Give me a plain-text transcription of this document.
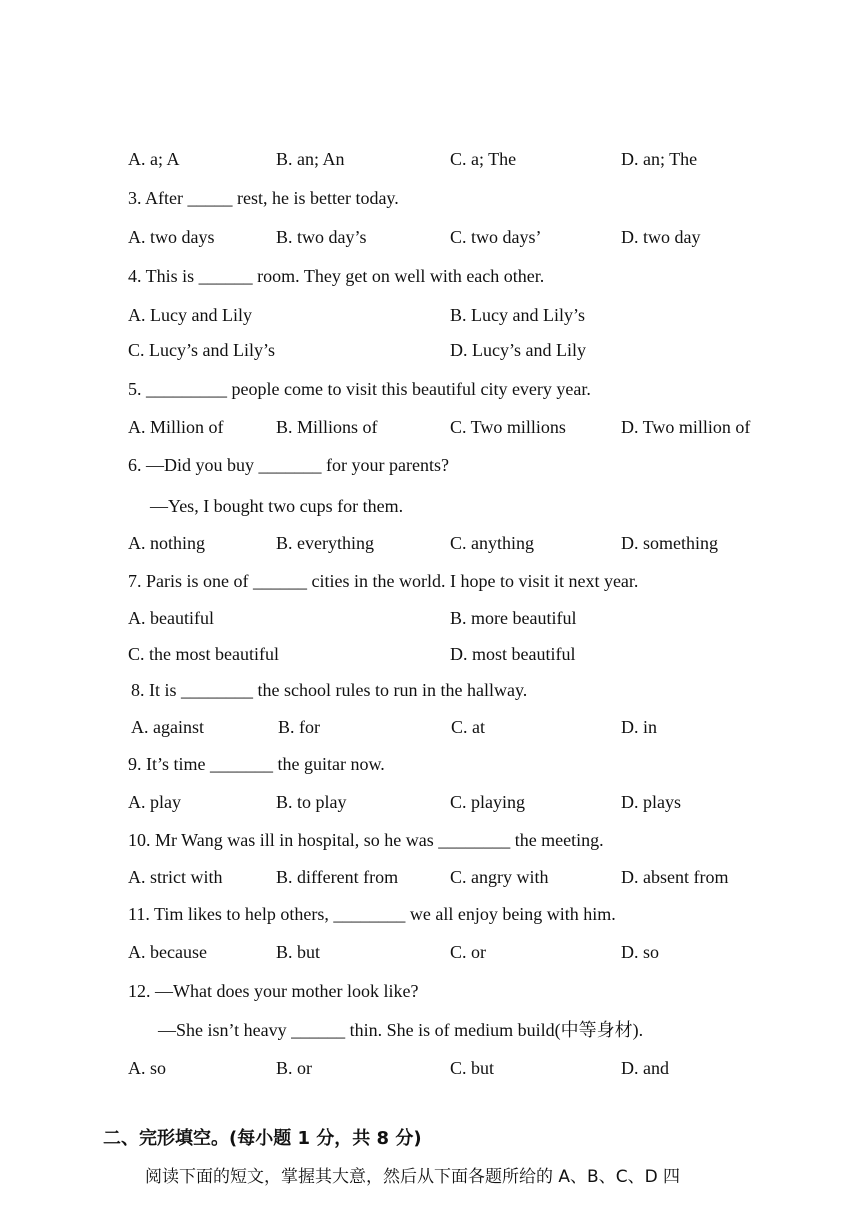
A. a; A	B. an; An	C. a; The	D. an; The
3. After _____ rest, he is better today.
A. two days	B. two day’s	C. two days’	D. two day
4. This is ______ room. They get on well with each other.
A. Lucy and Lily	B. Lucy and Lily’s
C. Lucy’s and Lily’s	D. Lucy’s and Lily
5. _________ people come to visit this beautiful city every year.
A. Million of	B. Millions of	C. Two millions	D. Two million of
6. —Did you buy _______ for your parents?
—Yes, I bought two cups for them.
A. nothing	B. everything	C. anything	D. something
7. Paris is one of ______ cities in the world. I hope to visit it next year.
A. beautiful	B. more beautiful
C. the most beautiful	D. most beautiful
8. It is ________ the school rules to run in the hallway.
A. against	B. for	C. at	D. in
9. It’s time _______ the guitar now.
A. play	B. to play	C. playing	D. plays
10. Mr Wang was ill in hospital, so he was ________ the meeting.
A. strict with	B. different from	C. angry with	D. absent from
11. Tim likes to help others, ________ we all enjoy being with him.
A. because	B. but	C. or	D. so
12. —What does your mother look like?
—She isn’t heavy ______ thin. She is of medium build(中等身材).
A. so	B. or	C. but	D. and
二、完形填空。(每小题 1 分，共 8 分)
阅读下面的短文，掌握其大意，然后从下面各题所给的 A、B、C、D 四
